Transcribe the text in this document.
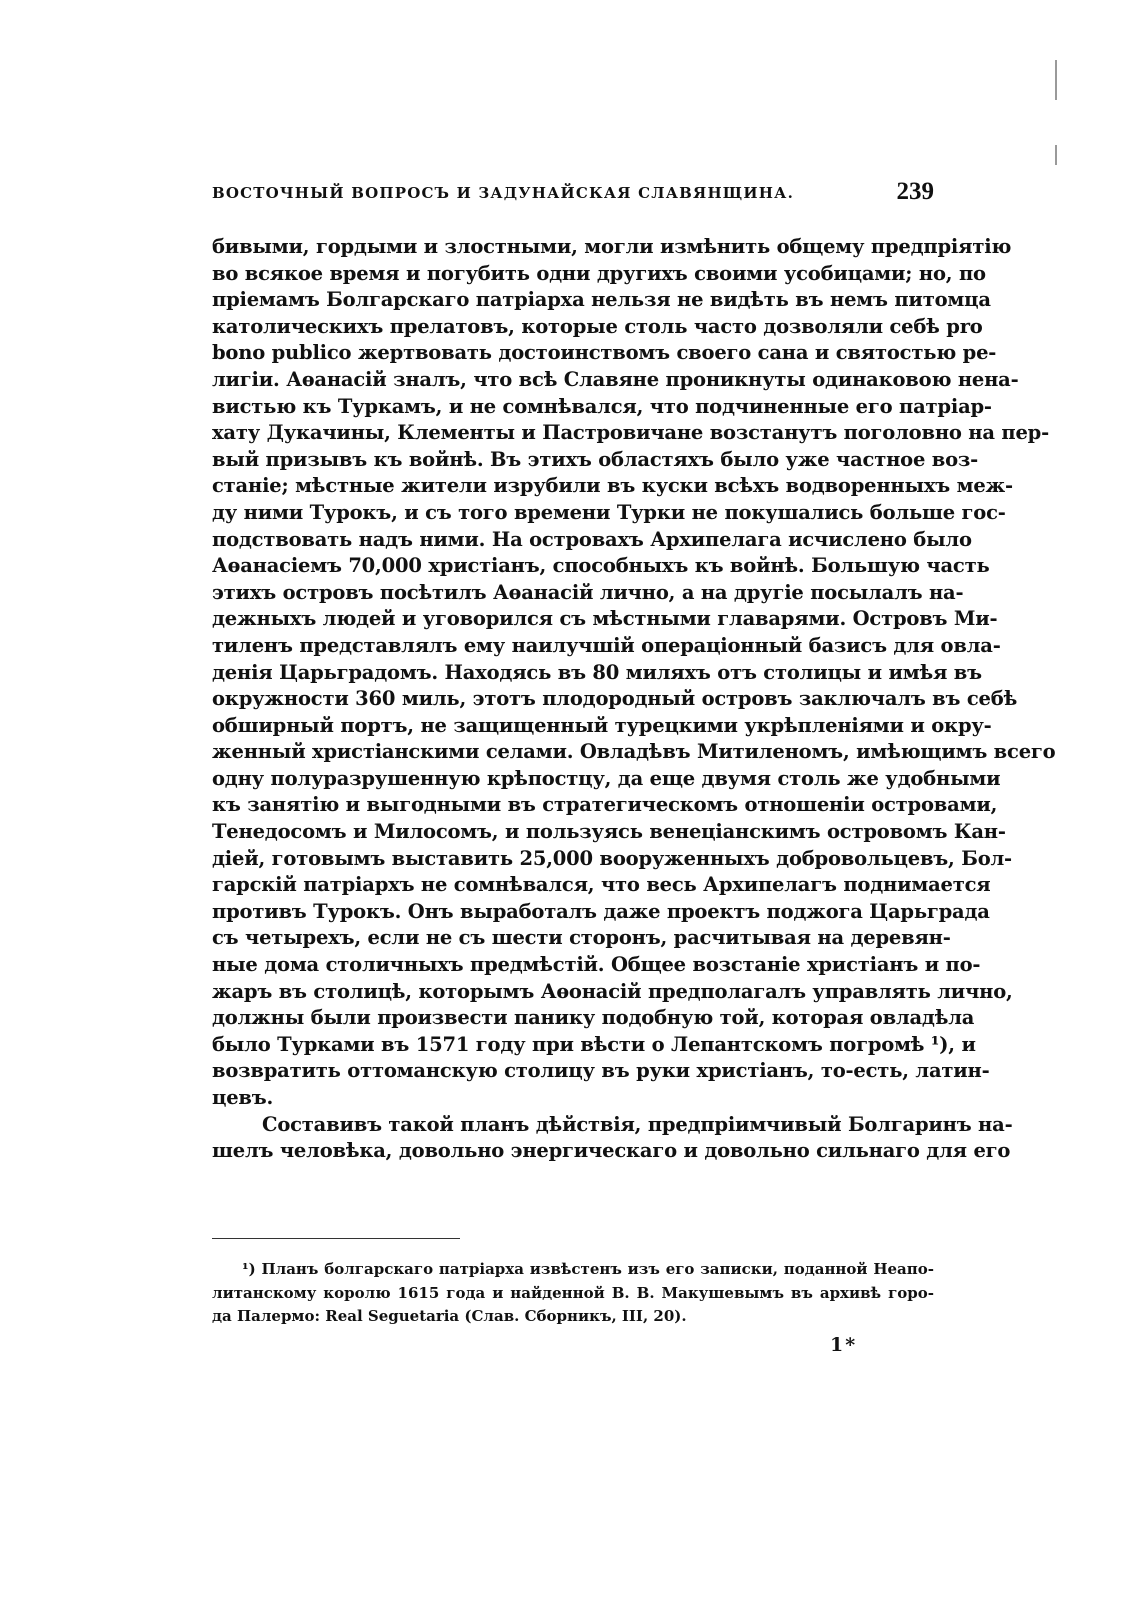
ВОСТОЧНЫЙ ВОПРОСЪ И ЗАДУНАЙСКАЯ СЛАВЯНЩИНА.	239
бивыми, гордыми и злостными, могли измѣнить общему предпріятію
во всякое время и погубить одни другихъ своими усобицами; но, по
пріемамъ Болгарскаго патріарха нельзя не видѣть въ немъ питомца
католическихъ прелатовъ, которые столь часто дозволяли себѣ pro
bono publico жертвовать достоинствомъ своего сана и святостью ре-
лигіи. Аѳанасій зналъ, что всѣ Славяне проникнуты одинаковою нена-
вистью къ Туркамъ, и не сомнѣвался, что подчиненные его патріар-
хату Дукачины, Клементы и Пастровичане возстанутъ поголовно на пер-
вый призывъ къ войнѣ. Въ этихъ областяхъ было уже частное воз-
станіе; мѣстные жители изрубили въ куски всѣхъ водворенныхъ меж-
ду ними Турокъ, и съ того времени Турки не покушались больше гос-
подствовать надъ ними. На островахъ Архипелага исчислено было
Аѳанасіемъ 70,000 христіанъ, способныхъ къ войнѣ. Большую часть
этихъ островъ посѣтилъ Аѳанасій лично, а на другіе посылалъ на-
дежныхъ людей и уговорился съ мѣстными главарями. Островъ Ми-
тиленъ представлялъ ему наилучшій операціонный базисъ для овла-
денія Царьградомъ. Находясь въ 80 миляхъ отъ столицы и имѣя въ
окружности 360 миль, этотъ плодородный островъ заключалъ въ себѣ
обширный портъ, не защищенный турецкими укрѣпленіями и окру-
женный христіанскими селами. Овладѣвъ Митиленомъ, имѣющимъ всего
одну полуразрушенную крѣпостцу, да еще двумя столь же удобными
къ занятію и выгодными въ стратегическомъ отношеніи островами,
Тенедосомъ и Милосомъ, и пользуясь венеціанскимъ островомъ Кан-
діей, готовымъ выставить 25,000 вооруженныхъ добровольцевъ, Бол-
гарскій патріархъ не сомнѣвался, что весь Архипелагъ поднимается
противъ Турокъ. Онъ выработалъ даже проектъ поджога Царьграда
съ четырехъ, если не съ шести сторонъ, расчитывая на деревян-
ные дома столичныхъ предмѣстій. Общее возстаніе христіанъ и по-
жаръ въ столицѣ, которымъ Аѳонасій предполагалъ управлять лично,
должны были произвести панику подобную той, которая овладѣла
было Турками въ 1571 году при вѣсти о Лепантскомъ погромѣ ¹), и
возвратить оттоманскую столицу въ руки христіанъ, то-есть, латин-
цевъ.
Составивъ такой планъ дѣйствія, предпріимчивый Болгаринъ на-
шелъ человѣка, довольно энергическаго и довольно сильнаго для его
¹) Планъ болгарскаго патріарха извѣстенъ изъ его записки, поданной Неапо-
литанскому королю 1615 года и найденной В. В. Макушевымъ въ архивѣ горо-
да Палермо: Real Seguetaria (Слав. Сборникъ, III, 20).
1*
